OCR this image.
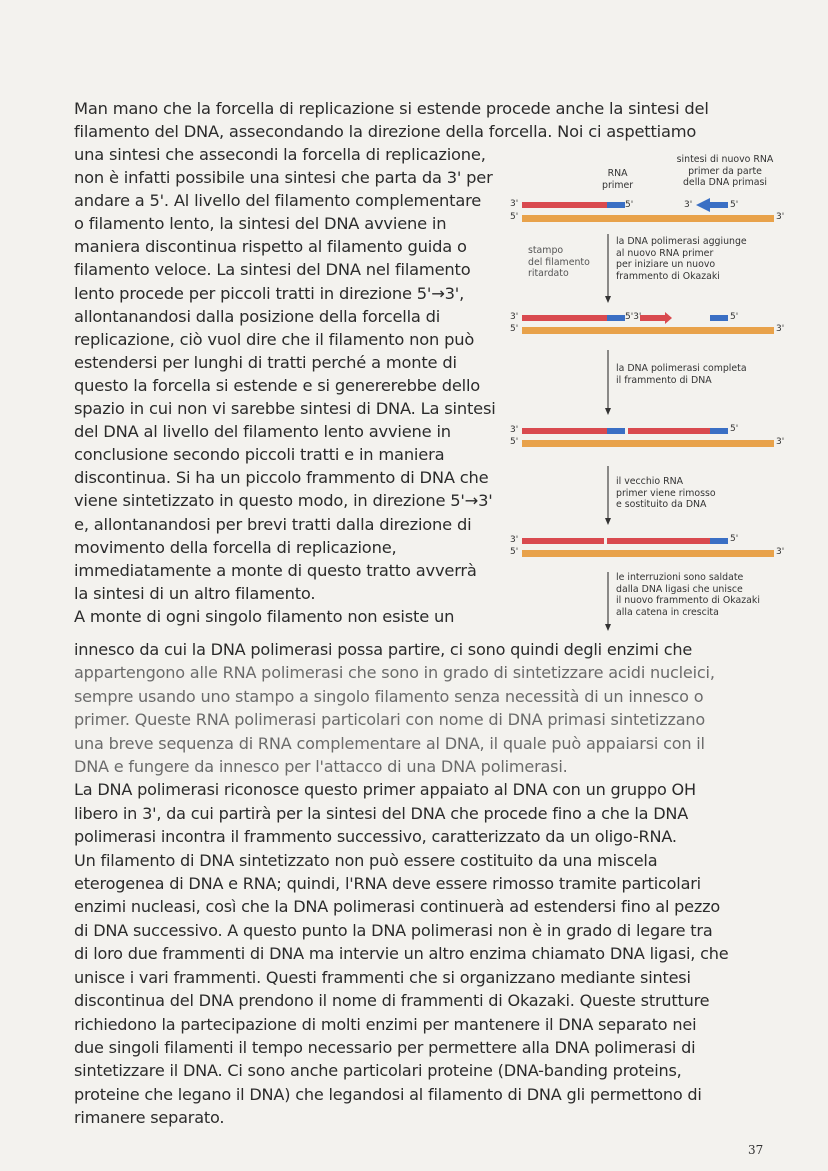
Man mano che la forcella di replicazione si estende procede anche la sintesi del

filamento del DNA, assecondando la direzione della forcella. Noi ci aspettiamo

una sintesi che assecondi la forcella di replicazione,

non è infatti possibile una sintesi che parta da 3' per

andare a 5'. Al livello del filamento complementare

o filamento lento, la sintesi del DNA avviene in

maniera discontinua rispetto al filamento guida o

filamento veloce. La sintesi del DNA nel filamento

lento procede per piccoli tratti in direzione 5'→3',

allontanandosi dalla posizione della forcella di

replicazione, ciò vuol dire che il filamento non può

estendersi per lunghi di tratti perché a monte di

questo la forcella si estende e si genererebbe dello

spazio in cui non vi sarebbe sintesi di DNA. La sintesi

del DNA al livello del filamento lento avviene in

conclusione secondo piccoli tratti e in maniera

discontinua. Si ha un piccolo frammento di DNA che

viene sintetizzato in questo modo, in direzione 5'→3'

e, allontanandosi per brevi tratti dalla direzione di

movimento della forcella di replicazione,

immediatamente a monte di questo tratto avverrà

la sintesi di un altro filamento.

A monte di ogni singolo filamento non esiste un

RNA
primer
sintesi di nuovo RNA
primer da parte
della DNA primasi
3'
5'
5'	3'	5'
3'
stampo
del filamento
ritardato
la DNA polimerasi aggiunge
al nuovo RNA primer
per iniziare un nuovo
frammento di Okazaki
3'
5'
5'3'	5'
3'
la DNA polimerasi completa
il frammento di DNA
3'
5'
5'
3'
il vecchio RNA
primer viene rimosso
e sostituito da DNA
3'
5'
5'
3'
le interruzioni sono saldate
dalla DNA ligasi che unisce
il nuovo frammento di Okazaki
alla catena in crescita

innesco da cui la DNA polimerasi possa partire, ci sono quindi degli enzimi che

appartengono alle RNA polimerasi che sono in grado di sintetizzare acidi nucleici,

sempre usando uno stampo a singolo filamento senza necessità di un innesco o

primer. Queste RNA polimerasi particolari con nome di DNA primasi sintetizzano

una breve sequenza di RNA complementare al DNA, il quale può appaiarsi con il

DNA e fungere da innesco per l'attacco di una DNA polimerasi.

La DNA polimerasi riconosce questo primer appaiato al DNA con un gruppo OH

libero in 3', da cui partirà per la sintesi del DNA che procede fino a che la DNA

polimerasi incontra il frammento successivo, caratterizzato da un oligo-RNA.

Un filamento di DNA sintetizzato non può essere costituito da una miscela

eterogenea di DNA e RNA; quindi, l'RNA deve essere rimosso tramite particolari

enzimi nucleasi, così che la DNA polimerasi continuerà ad estendersi fino al pezzo

di DNA successivo. A questo punto la DNA polimerasi non è in grado di legare tra

di loro due frammenti di DNA ma intervie un altro enzima chiamato DNA ligasi, che

unisce i vari frammenti. Questi frammenti che si organizzano mediante sintesi

discontinua del DNA prendono il nome di frammenti di Okazaki. Queste strutture

richiedono la partecipazione di molti enzimi per mantenere il DNA separato nei

due singoli filamenti il tempo necessario per permettere alla DNA polimerasi di

sintetizzare il DNA. Ci sono anche particolari proteine (DNA-banding proteins,

proteine che legano il DNA) che legandosi al filamento di DNA gli permettono di

rimanere separato.

37
